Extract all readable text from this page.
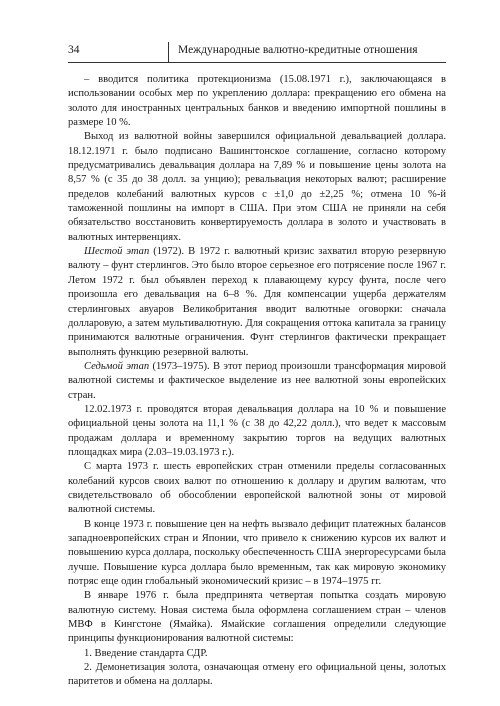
34	Международные валютно-кредитные отношения

– вводится политика протекционизма (15.08.1971 г.), заключающаяся в использовании особых мер по укреплению доллара: прекращению его обмена на золото для иностранных центральных банков и введению импортной пошлины в размере 10 %.

Выход из валютной войны завершился официальной девальвацией доллара. 18.12.1971 г. было подписано Вашингтонское соглашение, согласно которому предусматривались девальвация доллара на 7,89 % и повышение цены золота на 8,57 % (с 35 до 38 долл. за унцию); ревальвация некоторых валют; расширение пределов колебаний валютных курсов с ±1,0 до ±2,25 %; отмена 10 %-й таможенной пошлины на импорт в США. При этом США не приняли на себя обязательство восстановить конвертируемость доллара в золото и участвовать в валютных интервенциях.

Шестой этап (1972). В 1972 г. валютный кризис захватил вторую резервную валюту – фунт стерлингов. Это было второе серьезное его потрясение после 1967 г. Летом 1972 г. был объявлен переход к плавающему курсу фунта, после чего произошла его девальвация на 6–8 %. Для компенсации ущерба держателям стерлинговых авуаров Великобритания вводит валютные оговорки: сначала долларовую, а затем мультивалютную. Для сокращения оттока капитала за границу принимаются валютные ограничения. Фунт стерлингов фактически прекращает выполнять функцию резервной валюты.

Седьмой этап (1973–1975). В этот период произошли трансформация мировой валютной системы и фактическое выделение из нее валютной зоны европейских стран.

12.02.1973 г. проводятся вторая девальвация доллара на 10 % и повышение официальной цены золота на 11,1 % (с 38 до 42,22 долл.), что ведет к массовым продажам доллара и временному закрытию торгов на ведущих валютных площадках мира (2.03–19.03.1973 г.).

С марта 1973 г. шесть европейских стран отменили пределы согласованных колебаний курсов своих валют по отношению к доллару и другим валютам, что свидетельствовало об обособлении европейской валютной зоны от мировой валютной системы.

В конце 1973 г. повышение цен на нефть вызвало дефицит платежных балансов западноевропейских стран и Японии, что привело к снижению курсов их валют и повышению курса доллара, поскольку обеспеченность США энергоресурсами была лучше. Повышение курса доллара было временным, так как мировую экономику потряс еще один глобальный экономический кризис – в 1974–1975 гг.

В январе 1976 г. была предпринята четвертая попытка создать мировую валютную систему. Новая система была оформлена соглашением стран – членов МВФ в Кингстоне (Ямайка). Ямайские соглашения определили следующие принципы функционирования валютной системы:

1. Введение стандарта СДР.

2. Демонетизация золота, означающая отмену его официальной цены, золотых паритетов и обмена на доллары.
